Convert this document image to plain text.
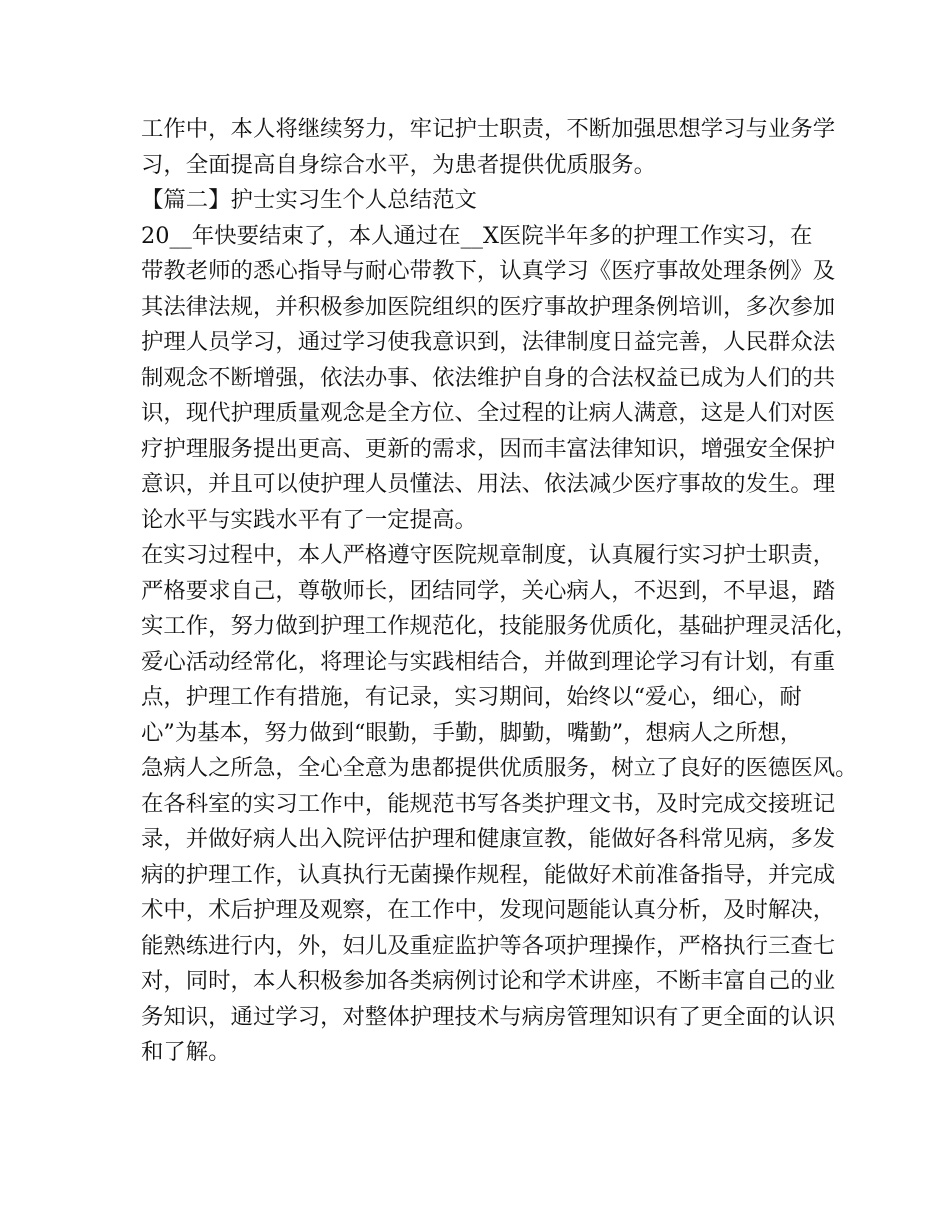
工作中，本人将继续努力，牢记护士职责，不断加强思想学习与业务学
习，全面提高自身综合水平，为患者提供优质服务。
【篇二】护士实习生个人总结范文
20__年快要结束了，本人通过在__X医院半年多的护理工作实习，在
带教老师的悉心指导与耐心带教下，认真学习《医疗事故处理条例》及
其法律法规，并积极参加医院组织的医疗事故护理条例培训，多次参加
护理人员学习，通过学习使我意识到，法律制度日益完善，人民群众法
制观念不断增强，依法办事、依法维护自身的合法权益已成为人们的共
识，现代护理质量观念是全方位、全过程的让病人满意，这是人们对医
疗护理服务提出更高、更新的需求，因而丰富法律知识，增强安全保护
意识，并且可以使护理人员懂法、用法、依法减少医疗事故的发生。理
论水平与实践水平有了一定提高。
在实习过程中，本人严格遵守医院规章制度，认真履行实习护士职责，
严格要求自己，尊敬师长，团结同学，关心病人，不迟到，不早退，踏
实工作，努力做到护理工作规范化，技能服务优质化，基础护理灵活化，
爱心活动经常化，将理论与实践相结合，并做到理论学习有计划，有重
点，护理工作有措施，有记录，实习期间，始终以“爱心，细心，耐
心”为基本，努力做到“眼勤，手勤，脚勤，嘴勤”，想病人之所想，
急病人之所急，全心全意为患都提供优质服务，树立了良好的医德医风。
在各科室的实习工作中，能规范书写各类护理文书，及时完成交接班记
录，并做好病人出入院评估护理和健康宣教，能做好各科常见病，多发
病的护理工作，认真执行无菌操作规程，能做好术前准备指导，并完成
术中，术后护理及观察，在工作中，发现问题能认真分析，及时解决，
能熟练进行内，外，妇儿及重症监护等各项护理操作，严格执行三查七
对，同时，本人积极参加各类病例讨论和学术讲座，不断丰富自己的业
务知识，通过学习，对整体护理技术与病房管理知识有了更全面的认识
和了解。
